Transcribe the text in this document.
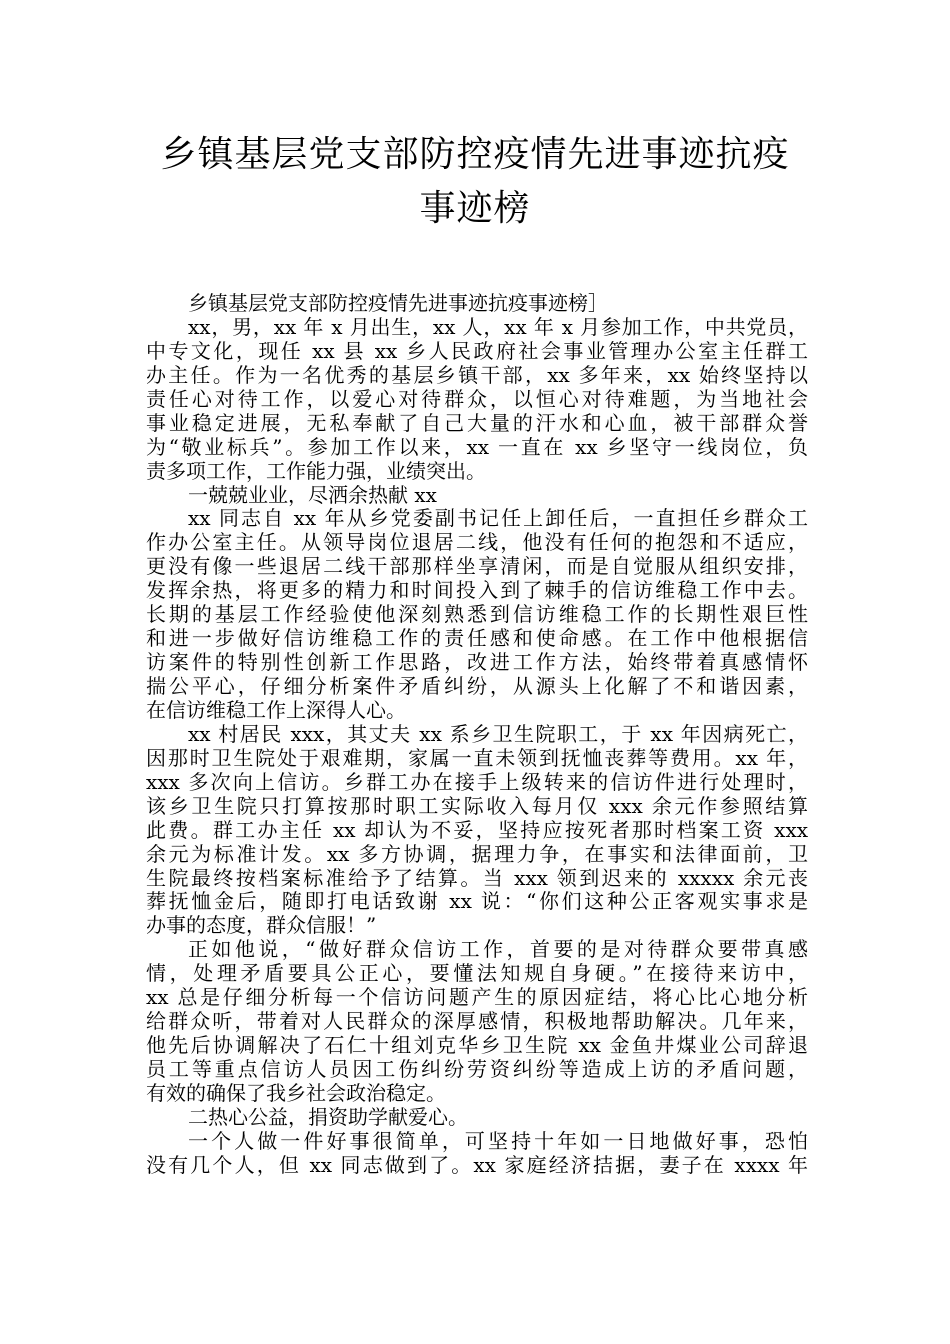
乡镇基层党支部防控疫情先进事迹抗疫
事迹榜
乡镇基层党支部防控疫情先进事迹抗疫事迹榜］
xx，男，xx 年 x 月出生，xx 人，xx 年 x 月参加工作，中共党员，
中专文化，现任 xx 县 xx 乡人民政府社会事业管理办公室主任群工
办主任。作为一名优秀的基层乡镇干部，xx 多年来，xx 始终坚持以
责任心对待工作，以爱心对待群众，以恒心对待难题，为当地社会
事业稳定进展，无私奉献了自己大量的汗水和心血，被干部群众誉
为“敬业标兵”。参加工作以来，xx 一直在 xx 乡坚守一线岗位，负
责多项工作，工作能力强，业绩突出。
一兢兢业业，尽洒余热献 xx
xx 同志自 xx 年从乡党委副书记任上卸任后，一直担任乡群众工
作办公室主任。从领导岗位退居二线，他没有任何的抱怨和不适应，
更没有像一些退居二线干部那样坐享清闲，而是自觉服从组织安排，
发挥余热，将更多的精力和时间投入到了棘手的信访维稳工作中去。
长期的基层工作经验使他深刻熟悉到信访维稳工作的长期性艰巨性
和进一步做好信访维稳工作的责任感和使命感。在工作中他根据信
访案件的特别性创新工作思路，改进工作方法，始终带着真感情怀
揣公平心，仔细分析案件矛盾纠纷，从源头上化解了不和谐因素，
在信访维稳工作上深得人心。
xx 村居民 xxx，其丈夫 xx 系乡卫生院职工，于 xx 年因病死亡，
因那时卫生院处于艰难期，家属一直未领到抚恤丧葬等费用。xx 年，
xxx 多次向上信访。乡群工办在接手上级转来的信访件进行处理时，
该乡卫生院只打算按那时职工实际收入每月仅 xxx 余元作参照结算
此费。群工办主任 xx 却认为不妥，坚持应按死者那时档案工资 xxx
余元为标准计发。xx 多方协调，据理力争，在事实和法律面前，卫
生院最终按档案标准给予了结算。当 xxx 领到迟来的 xxxxx 余元丧
葬抚恤金后，随即打电话致谢 xx 说：“你们这种公正客观实事求是
办事的态度，群众信服！”
正如他说，“做好群众信访工作，首要的是对待群众要带真感
情，处理矛盾要具公正心，要懂法知规自身硬。”在接待来访中，
xx 总是仔细分析每一个信访问题产生的原因症结，将心比心地分析
给群众听，带着对人民群众的深厚感情，积极地帮助解决。几年来，
他先后协调解决了石仁十组刘克华乡卫生院 xx 金鱼井煤业公司辞退
员工等重点信访人员因工伤纠纷劳资纠纷等造成上访的矛盾问题，
有效的确保了我乡社会政治稳定。
二热心公益，捐资助学献爱心。
一个人做一件好事很简单，可坚持十年如一日地做好事，恐怕
没有几个人，但 xx 同志做到了。xx 家庭经济拮据，妻子在 xxxx 年
